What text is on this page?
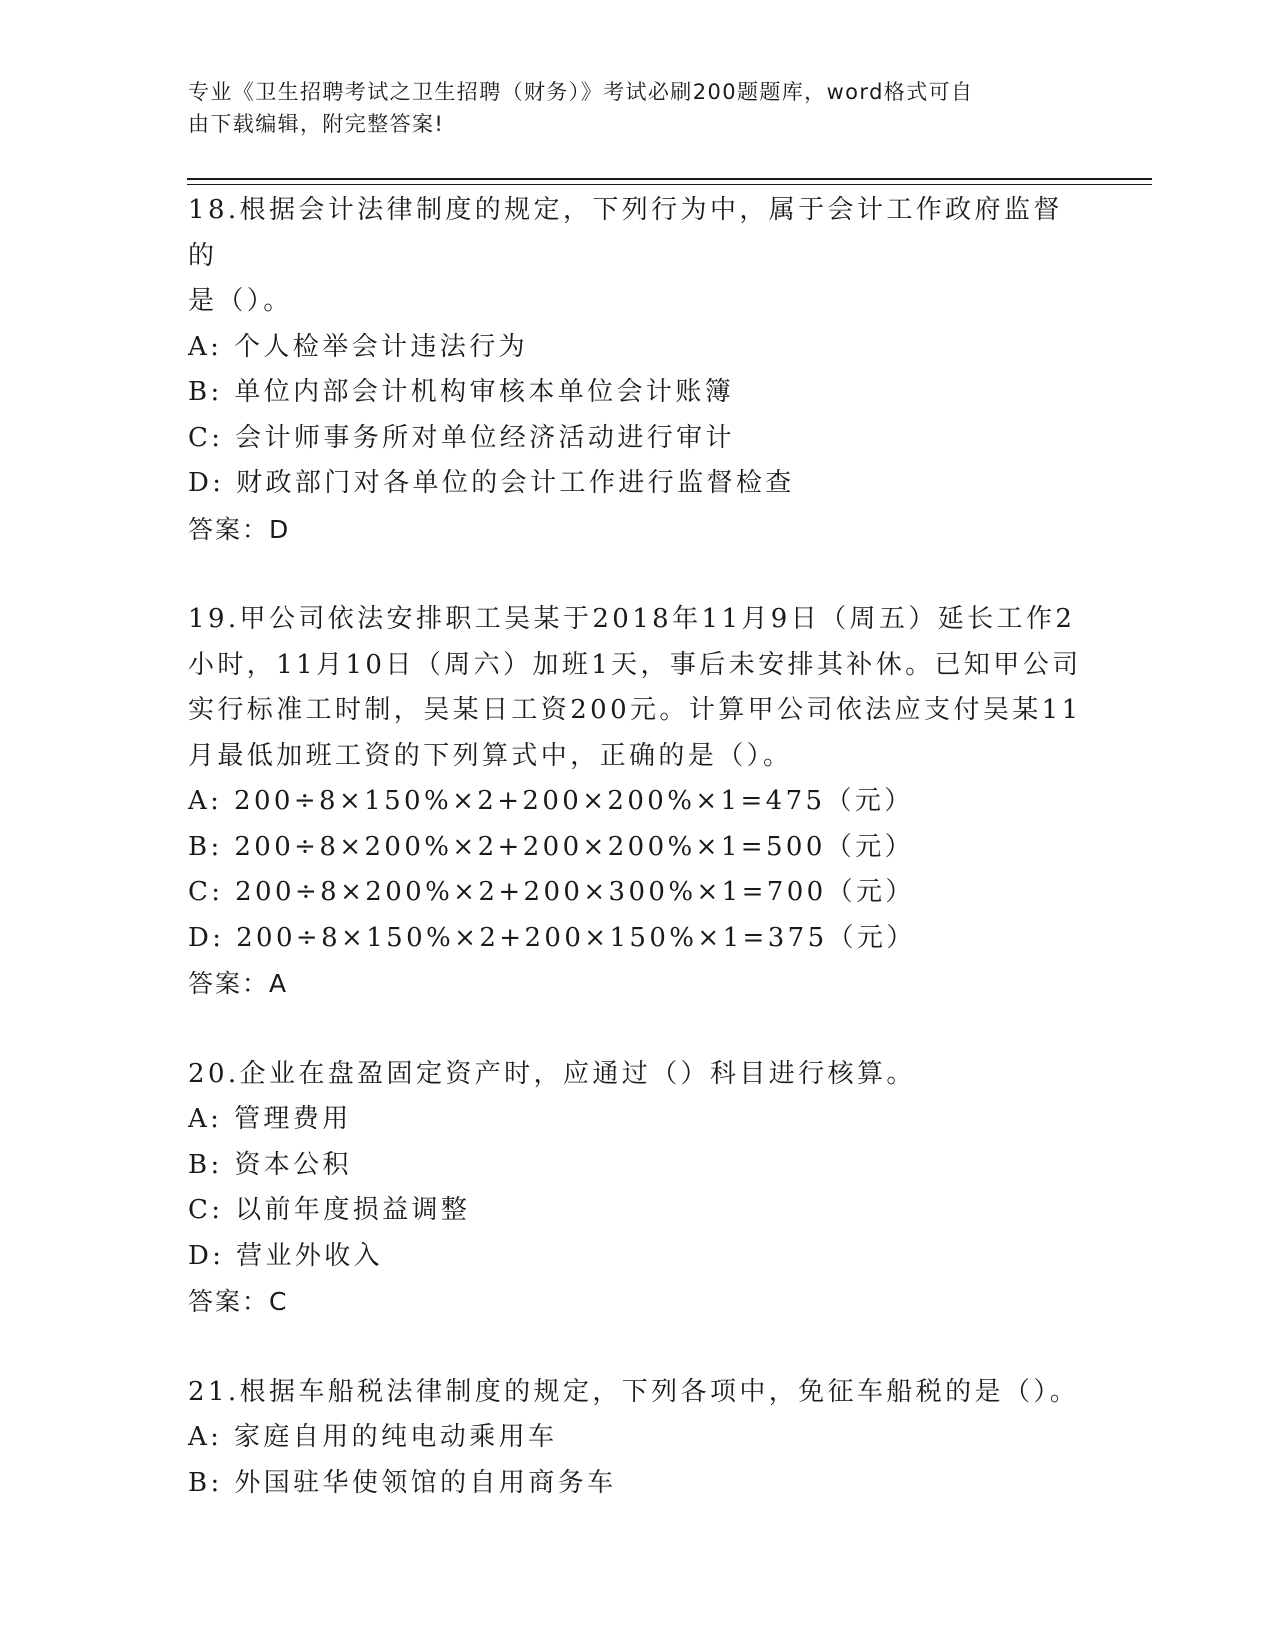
专业《卫生招聘考试之卫生招聘（财务）》考试必刷200题题库，word格式可自
由下载编辑，附完整答案!
18.根据会计法律制度的规定，下列行为中，属于会计工作政府监督的
是（）。
A: 个人检举会计违法行为
B: 单位内部会计机构审核本单位会计账簿
C: 会计师事务所对单位经济活动进行审计
D: 财政部门对各单位的会计工作进行监督检查
答案：D
19.甲公司依法安排职工吴某于2018年11月9日（周五）延长工作2
小时，11月10日（周六）加班1天，事后未安排其补休。已知甲公司
实行标准工时制，吴某日工资200元。计算甲公司依法应支付吴某11
月最低加班工资的下列算式中，正确的是（）。
A: 200÷8×150%×2+200×200%×1=475（元）
B: 200÷8×200%×2+200×200%×1=500（元）
C: 200÷8×200%×2+200×300%×1=700（元）
D: 200÷8×150%×2+200×150%×1=375（元）
答案：A
20.企业在盘盈固定资产时，应通过（）科目进行核算。
A: 管理费用
B: 资本公积
C: 以前年度损益调整
D: 营业外收入
答案：C
21.根据车船税法律制度的规定，下列各项中，免征车船税的是（）。
A: 家庭自用的纯电动乘用车
B: 外国驻华使领馆的自用商务车
